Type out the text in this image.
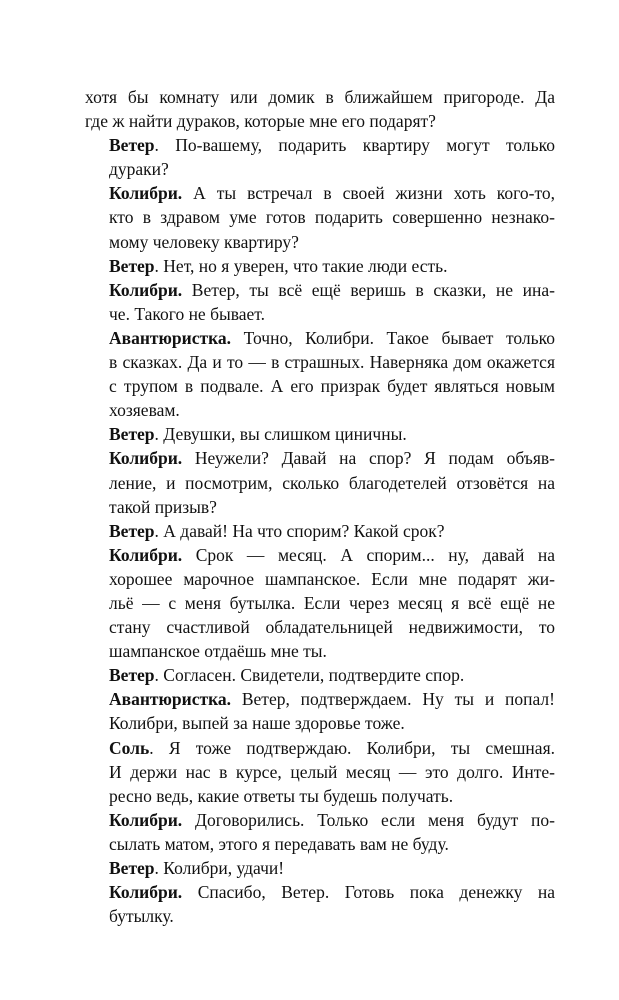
хотя бы комнату или домик в ближайшем пригороде. Да
где ж найти дураков, которые мне его подарят?

Ветер. По-вашему, подарить квартиру могут только
дураки?

Колибри. А ты встречал в своей жизни хоть кого-то,
кто в здравом уме готов подарить совершенно незнако-
мому человеку квартиру?

Ветер. Нет, но я уверен, что такие люди есть.

Колибри. Ветер, ты всё ещё веришь в сказки, не ина-
че. Такого не бывает.

Авантюристка. Точно, Колибри. Такое бывает только
в сказках. Да и то — в страшных. Наверняка дом окажется
с трупом в подвале. А его призрак будет являться новым
хозяевам.

Ветер. Девушки, вы слишком циничны.

Колибри. Неужели? Давай на спор? Я подам объяв-
ление, и посмотрим, сколько благодетелей отзовётся на
такой призыв?

Ветер. А давай! На что спорим? Какой срок?

Колибри. Срок — месяц. А спорим... ну, давай на
хорошее марочное шампанское. Если мне подарят жи-
льё — с меня бутылка. Если через месяц я всё ещё не
стану счастливой обладательницей недвижимости, то
шампанское отдаёшь мне ты.

Ветер. Согласен. Свидетели, подтвердите спор.

Авантюристка. Ветер, подтверждаем. Ну ты и попал!
Колибри, выпей за наше здоровье тоже.

Соль. Я тоже подтверждаю. Колибри, ты смешная.
И держи нас в курсе, целый месяц — это долго. Инте-
ресно ведь, какие ответы ты будешь получать.

Колибри. Договорились. Только если меня будут по-
сылать матом, этого я передавать вам не буду.

Ветер. Колибри, удачи!

Колибри. Спасибо, Ветер. Готовь пока денежку на
бутылку.
